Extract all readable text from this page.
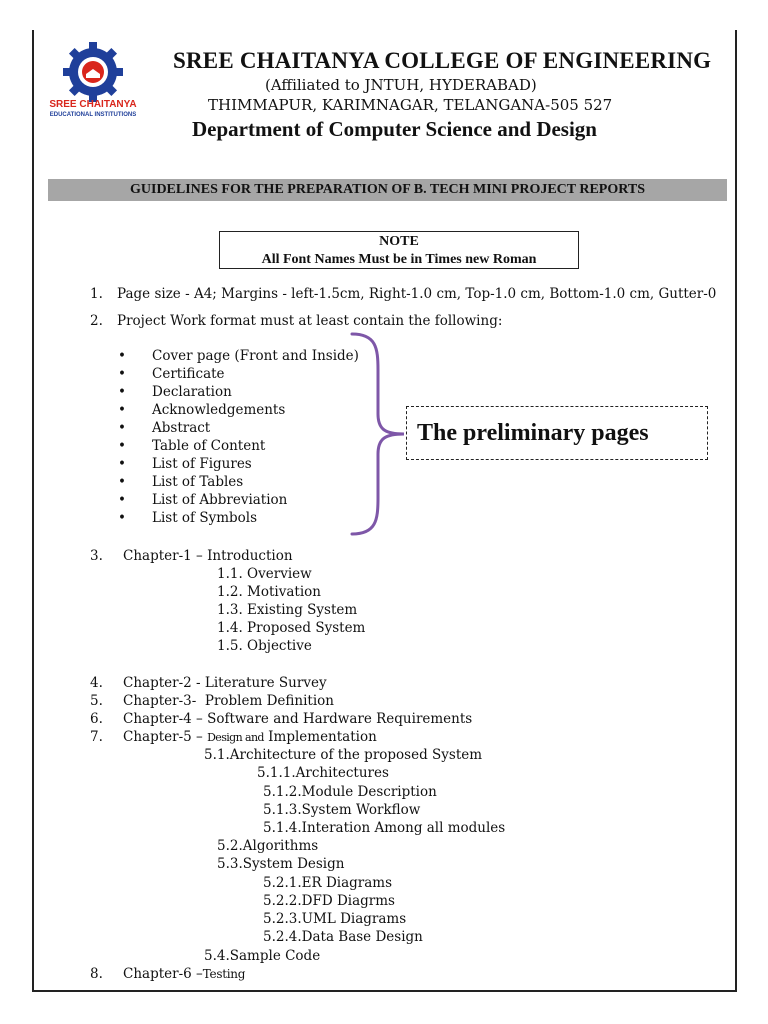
SREE CHAITANYA
EDUCATIONAL INSTITUTIONS
SREE CHAITANYA COLLEGE OF ENGINEERING
(Affiliated to JNTUH, HYDERABAD)
THIMMAPUR, KARIMNAGAR, TELANGANA-505 527
Department of Computer Science and Design
GUIDELINES FOR THE PREPARATION OF B. TECH MINI PROJECT REPORTS
NOTE
All Font Names Must be in Times new Roman
1. Page size - A4; Margins - left-1.5cm, Right-1.0 cm, Top-1.0 cm, Bottom-1.0 cm, Gutter-0
2. Project Work format must at least contain the following:
• Cover page (Front and Inside)
• Certificate
• Declaration
• Acknowledgements
• Abstract
• Table of Content
• List of Figures
• List of Tables
• List of Abbreviation
• List of Symbols
The preliminary pages
3. Chapter-1 – Introduction
1.1. Overview
1.2. Motivation
1.3. Existing System
1.4. Proposed System
1.5. Objective
4. Chapter-2 - Literature Survey
5. Chapter-3-  Problem Definition
6. Chapter-4 – Software and Hardware Requirements
7. Chapter-5 – Design and Implementation
5.1.Architecture of the proposed System
5.1.1.Architectures
5.1.2.Module Description
5.1.3.System Workflow
5.1.4.Interation Among all modules
5.2.Algorithms
5.3.System Design
5.2.1.ER Diagrams
5.2.2.DFD Diagrms
5.2.3.UML Diagrams
5.2.4.Data Base Design
5.4.Sample Code
8. Chapter-6 –Testing
